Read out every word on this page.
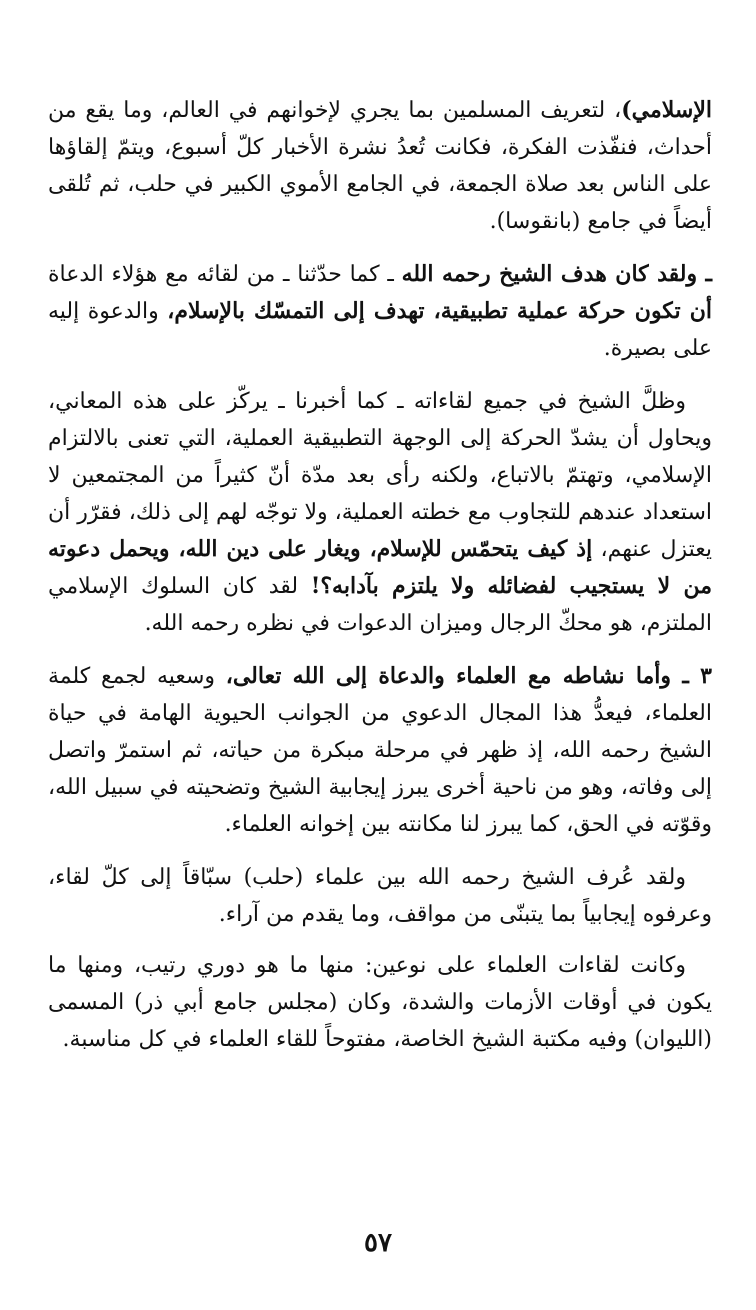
الإسلامي)، لتعريف المسلمين بما يجري لإخوانهم في العالم، وما يقع من أحداث، فنفّذت الفكرة، فكانت تُعدُ نشرة الأخبار كلّ أسبوع، ويتمّ إلقاؤها على الناس بعد صلاة الجمعة، في الجامع الأموي الكبير في حلب، ثم تُلقى أيضاً في جامع (بانقوسا).

ـ ولقد كان هدف الشيخ رحمه الله ـ كما حدّثنا ـ من لقائه مع هؤلاء الدعاة أن تكون حركة عملية تطبيقية، تهدف إلى التمسّك بالإسلام، والدعوة إليه على بصيرة.

وظلَّ الشيخ في جميع لقاءاته ـ كما أخبرنا ـ يركّز على هذه المعاني، ويحاول أن يشدّ الحركة إلى الوجهة التطبيقية العملية، التي تعنى بالالتزام الإسلامي، وتهتمّ بالاتباع، ولكنه رأى بعد مدّة أنّ كثيراً من المجتمعين لا استعداد عندهم للتجاوب مع خطته العملية، ولا توجّه لهم إلى ذلك، فقرّر أن يعتزل عنهم، إذ كيف يتحمّس للإسلام، ويغار على دين الله، ويحمل دعوته من لا يستجيب لفضائله ولا يلتزم بآدابه؟! لقد كان السلوك الإسلامي الملتزم، هو محكّ الرجال وميزان الدعوات في نظره رحمه الله.

٣ ـ وأما نشاطه مع العلماء والدعاة إلى الله تعالى، وسعيه لجمع كلمة العلماء، فيعدُّ هذا المجال الدعوي من الجوانب الحيوية الهامة في حياة الشيخ رحمه الله، إذ ظهر في مرحلة مبكرة من حياته، ثم استمرّ واتصل إلى وفاته، وهو من ناحية أخرى يبرز إيجابية الشيخ وتضحيته في سبيل الله، وقوّته في الحق، كما يبرز لنا مكانته بين إخوانه العلماء.

ولقد عُرف الشيخ رحمه الله بين علماء (حلب) سبّاقاً إلى كلّ لقاء، وعرفوه إيجابياً بما يتبنّى من مواقف، وما يقدم من آراء.

وكانت لقاءات العلماء على نوعين: منها ما هو دوري رتيب، ومنها ما يكون في أوقات الأزمات والشدة، وكان (مجلس جامع أبي ذر) المسمى (الليوان) وفيه مكتبة الشيخ الخاصة، مفتوحاً للقاء العلماء في كل مناسبة.

٥٧
